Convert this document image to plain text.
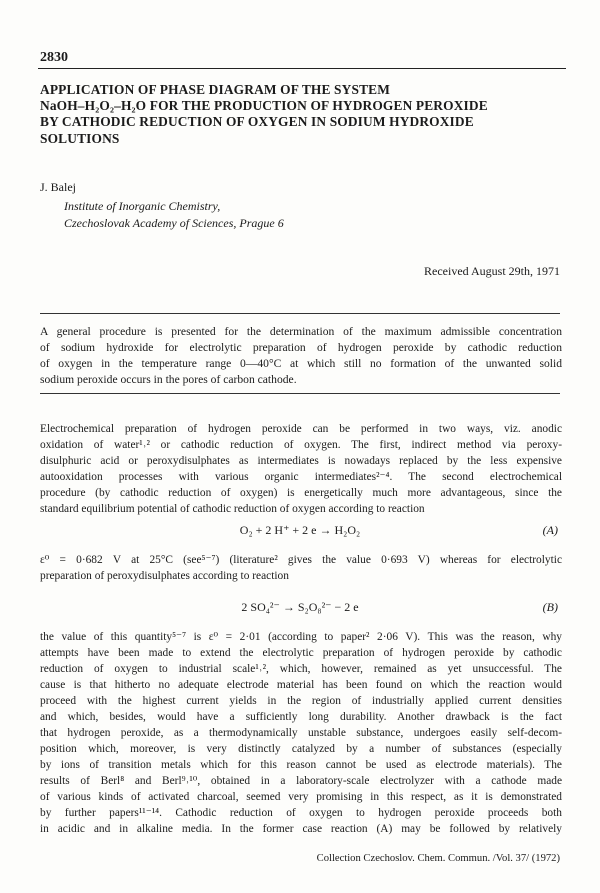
2830
APPLICATION OF PHASE DIAGRAM OF THE SYSTEM
NaOH–H₂O₂–H₂O FOR THE PRODUCTION OF HYDROGEN PEROXIDE
BY CATHODIC REDUCTION OF OXYGEN IN SODIUM HYDROXIDE
SOLUTIONS
J. Balej
Institute of Inorganic Chemistry,
Czechoslovak Academy of Sciences, Prague 6
Received August 29th, 1971
A general procedure is presented for the determination of the maximum admissible concentration
of sodium hydroxide for electrolytic preparation of hydrogen peroxide by cathodic reduction
of oxygen in the temperature range 0—40°C at which still no formation of the unwanted solid
sodium peroxide occurs in the pores of carbon cathode.
Electrochemical preparation of hydrogen peroxide can be performed in two ways, viz. anodic
oxidation of water¹˒² or cathodic reduction of oxygen. The first, indirect method via peroxy-
disulphuric acid or peroxydisulphates as intermediates is nowadays replaced by the less expensive
autooxidation processes with various organic intermediates²⁻⁴. The second electrochemical
procedure (by cathodic reduction of oxygen) is energetically much more advantageous, since the
standard equilibrium potential of cathodic reduction of oxygen according to reaction
O₂ + 2 H⁺ + 2 e → H₂O₂	(A)
ε⁰ = 0·682 V at 25°C (see⁵⁻⁷) (literature² gives the value 0·693 V) whereas for electrolytic
preparation of peroxydisulphates according to reaction
2 SO₄²⁻ → S₂O₈²⁻ − 2 e	(B)
the value of this quantity⁵⁻⁷ is ε⁰ = 2·01 (according to paper² 2·06 V). This was the reason, why
attempts have been made to extend the electrolytic preparation of hydrogen peroxide by cathodic
reduction of oxygen to industrial scale¹˒², which, however, remained as yet unsuccessful. The
cause is that hitherto no adequate electrode material has been found on which the reaction would
proceed with the highest current yields in the region of industrially applied current densities
and which, besides, would have a sufficiently long durability. Another drawback is the fact
that hydrogen peroxide, as a thermodynamically unstable substance, undergoes easily self-decom-
position which, moreover, is very distinctly catalyzed by a number of substances (especially
by ions of transition metals which for this reason cannot be used as electrode materials). The
results of Berl⁸ and Berl⁹˒¹⁰, obtained in a laboratory-scale electrolyzer with a cathode made
of various kinds of activated charcoal, seemed very promising in this respect, as it is demonstrated
by further papers¹¹⁻¹⁴. Cathodic reduction of oxygen to hydrogen peroxide proceeds both
in acidic and in alkaline media. In the former case reaction (A) may be followed by relatively
Collection Czechoslov. Chem. Commun. /Vol. 37/ (1972)
